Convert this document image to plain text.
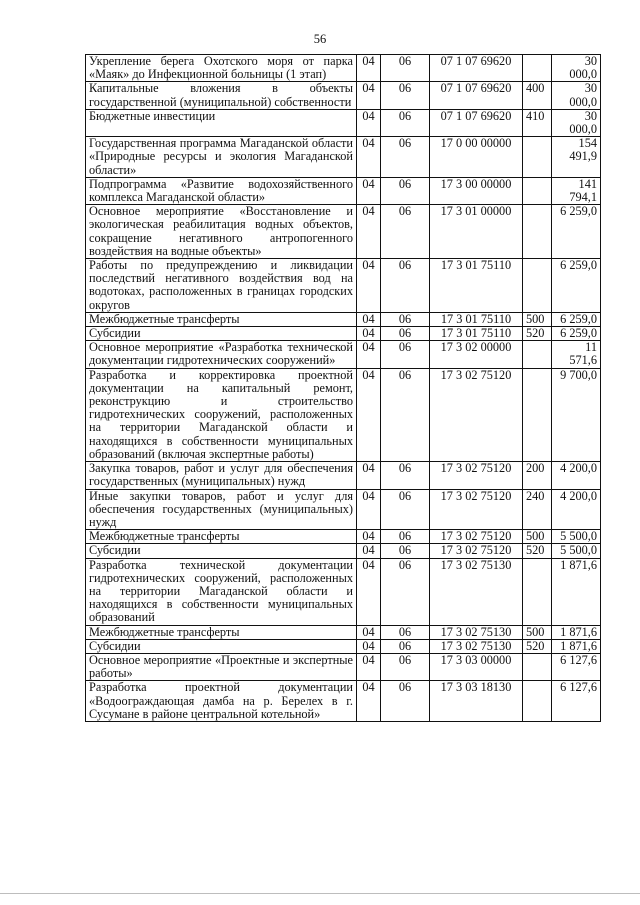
56
Укрепление берега Охотского моря от парка «Маяк» до Инфекционной больницы (1 этап)	04	06	07 1 07 69620		30 000,0
Капитальные вложения в объекты государственной (муниципальной) собственности	04	06	07 1 07 69620	400	30 000,0
Бюджетные инвестиции	04	06	07 1 07 69620	410	30 000,0
Государственная программа Магаданской области «Природные ресурсы и экология Магаданской области»	04	06	17 0 00 00000		154 491,9
Подпрограмма «Развитие водохозяйственного комплекса Магаданской области»	04	06	17 3 00 00000		141 794,1
Основное мероприятие «Восстановление и экологическая реабилитация водных объектов, сокращение негативного антропогенного воздействия на водные объекты»	04	06	17 3 01 00000		6 259,0
Работы по предупреждению и ликвидации последствий негативного воздействия вод на водотоках, расположенных в границах городских округов	04	06	17 3 01 75110		6 259,0
Межбюджетные трансферты	04	06	17 3 01 75110	500	6 259,0
Субсидии	04	06	17 3 01 75110	520	6 259,0
Основное мероприятие «Разработка технической документации гидротехнических сооружений»	04	06	17 3 02 00000		11 571,6
Разработка и корректировка проектной документации на капитальный ремонт, реконструкцию и строительство гидротехнических сооружений, расположенных на территории Магаданской области и находящихся в собственности муниципальных образований (включая экспертные работы)	04	06	17 3 02 75120		9 700,0
Закупка товаров, работ и услуг для обеспечения государственных (муниципальных) нужд	04	06	17 3 02 75120	200	4 200,0
Иные закупки товаров, работ и услуг для обеспечения государственных (муниципальных) нужд	04	06	17 3 02 75120	240	4 200,0
Межбюджетные трансферты	04	06	17 3 02 75120	500	5 500,0
Субсидии	04	06	17 3 02 75120	520	5 500,0
Разработка технической документации гидротехнических сооружений, расположенных на территории Магаданской области и находящихся в собственности муниципальных образований	04	06	17 3 02 75130		1 871,6
Межбюджетные трансферты	04	06	17 3 02 75130	500	1 871,6
Субсидии	04	06	17 3 02 75130	520	1 871,6
Основное мероприятие «Проектные и экспертные работы»	04	06	17 3 03 00000		6 127,6
Разработка проектной документации «Водоограждающая дамба на р. Берелех в г. Сусумане в районе центральной котельной»	04	06	17 3 03 18130		6 127,6
